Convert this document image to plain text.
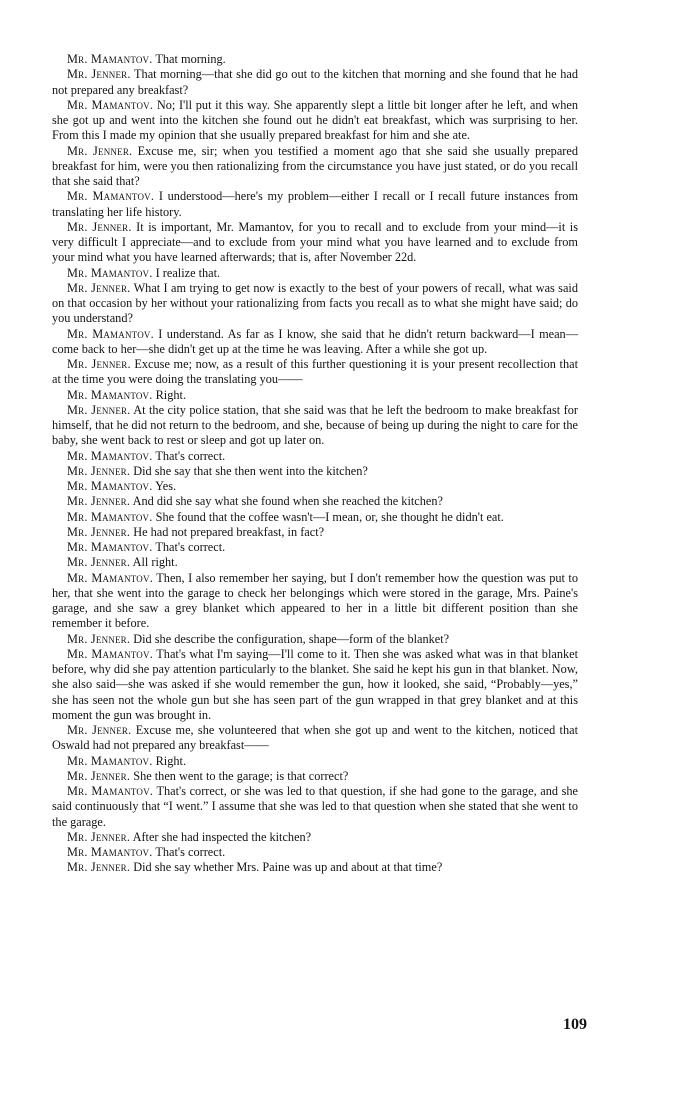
Mr. Mamantov. That morning.

Mr. Jenner. That morning—that she did go out to the kitchen that morning and she found that he had not prepared any breakfast?

Mr. Mamantov. No; I'll put it this way. She apparently slept a little bit longer after he left, and when she got up and went into the kitchen she found out he didn't eat breakfast, which was surprising to her. From this I made my opinion that she usually prepared breakfast for him and she ate.

Mr. Jenner. Excuse me, sir; when you testified a moment ago that she said she usually prepared breakfast for him, were you then rationalizing from the circumstance you have just stated, or do you recall that she said that?

Mr. Mamantov. I understood—here's my problem—either I recall or I recall future instances from translating her life history.

Mr. Jenner. It is important, Mr. Mamantov, for you to recall and to exclude from your mind—it is very difficult I appreciate—and to exclude from your mind what you have learned and to exclude from your mind what you have learned afterwards; that is, after November 22d.

Mr. Mamantov. I realize that.

Mr. Jenner. What I am trying to get now is exactly to the best of your powers of recall, what was said on that occasion by her without your rationalizing from facts you recall as to what she might have said; do you understand?

Mr. Mamantov. I understand. As far as I know, she said that he didn't return backward—I mean—come back to her—she didn't get up at the time he was leaving. After a while she got up.

Mr. Jenner. Excuse me; now, as a result of this further questioning it is your present recollection that at the time you were doing the translating you——

Mr. Mamantov. Right.

Mr. Jenner. At the city police station, that she said was that he left the bedroom to make breakfast for himself, that he did not return to the bedroom, and she, because of being up during the night to care for the baby, she went back to rest or sleep and got up later on.

Mr. Mamantov. That's correct.

Mr. Jenner. Did she say that she then went into the kitchen?

Mr. Mamantov. Yes.

Mr. Jenner. And did she say what she found when she reached the kitchen?

Mr. Mamantov. She found that the coffee wasn't—I mean, or, she thought he didn't eat.

Mr. Jenner. He had not prepared breakfast, in fact?

Mr. Mamantov. That's correct.

Mr. Jenner. All right.

Mr. Mamantov. Then, I also remember her saying, but I don't remember how the question was put to her, that she went into the garage to check her belongings which were stored in the garage, Mrs. Paine's garage, and she saw a grey blanket which appeared to her in a little bit different position than she remember it before.

Mr. Jenner. Did she describe the configuration, shape—form of the blanket?

Mr. Mamantov. That's what I'm saying—I'll come to it. Then she was asked what was in that blanket before, why did she pay attention particularly to the blanket. She said he kept his gun in that blanket. Now, she also said—she was asked if she would remember the gun, how it looked, she said, “Probably—yes,” she has seen not the whole gun but she has seen part of the gun wrapped in that grey blanket and at this moment the gun was brought in.

Mr. Jenner. Excuse me, she volunteered that when she got up and went to the kitchen, noticed that Oswald had not prepared any breakfast——

Mr. Mamantov. Right.

Mr. Jenner. She then went to the garage; is that correct?

Mr. Mamantov. That's correct, or she was led to that question, if she had gone to the garage, and she said continuously that “I went.” I assume that she was led to that question when she stated that she went to the garage.

Mr. Jenner. After she had inspected the kitchen?

Mr. Mamantov. That's correct.

Mr. Jenner. Did she say whether Mrs. Paine was up and about at that time?

109
